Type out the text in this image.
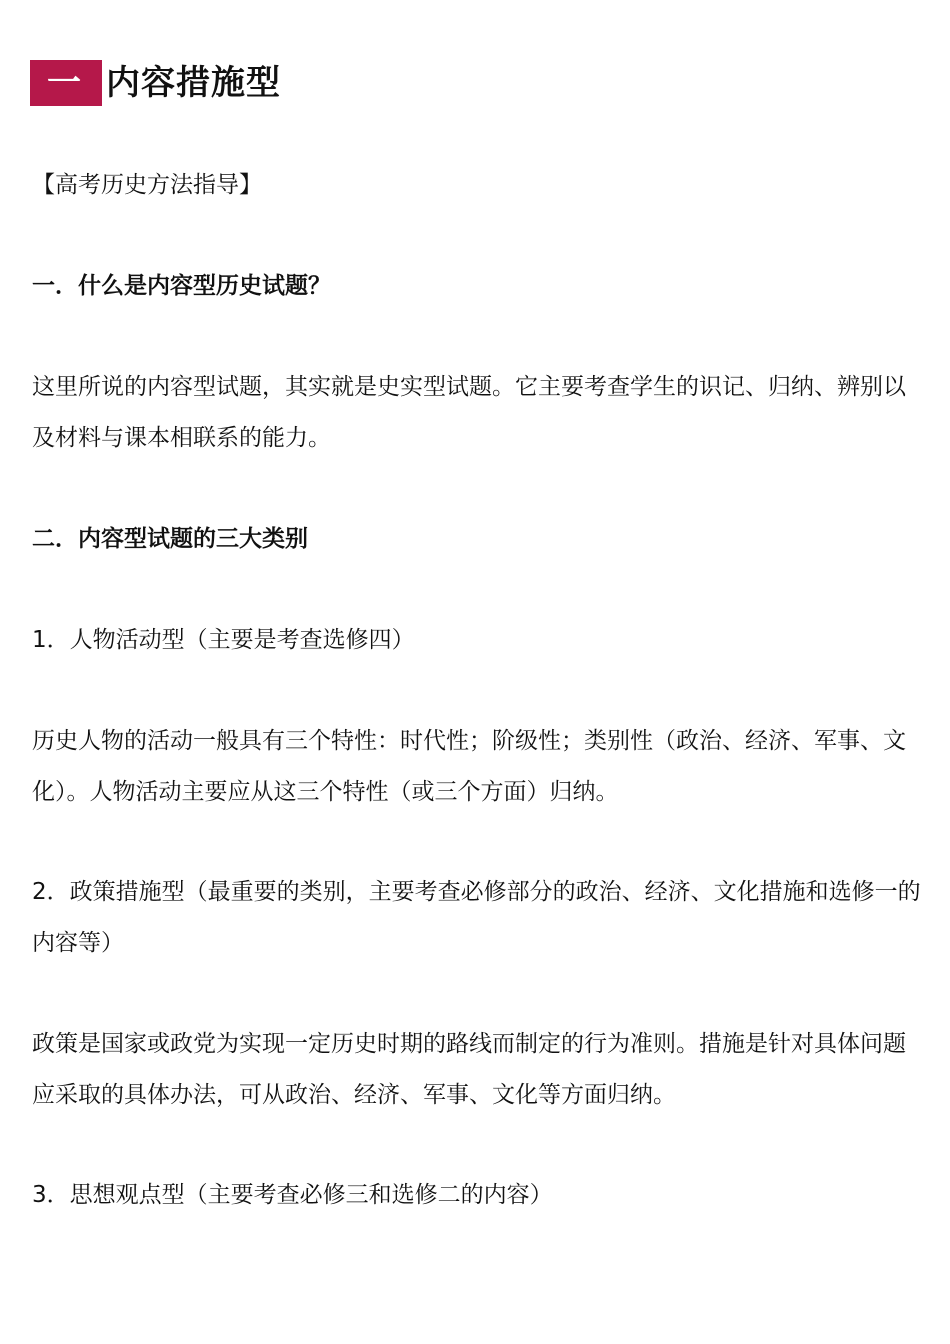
一 内容措施型

【高考历史方法指导】

一．什么是内容型历史试题？

这里所说的内容型试题，其实就是史实型试题。它主要考查学生的识记、归纳、辨别以及材料与课本相联系的能力。

二．内容型试题的三大类别

1．人物活动型（主要是考查选修四）

历史人物的活动一般具有三个特性：时代性；阶级性；类别性（政治、经济、军事、文化）。人物活动主要应从这三个特性（或三个方面）归纳。

2．政策措施型（最重要的类别，主要考查必修部分的政治、经济、文化措施和选修一的内容等）

政策是国家或政党为实现一定历史时期的路线而制定的行为准则。措施是针对具体问题应采取的具体办法，可从政治、经济、军事、文化等方面归纳。

3．思想观点型（主要考查必修三和选修二的内容）
